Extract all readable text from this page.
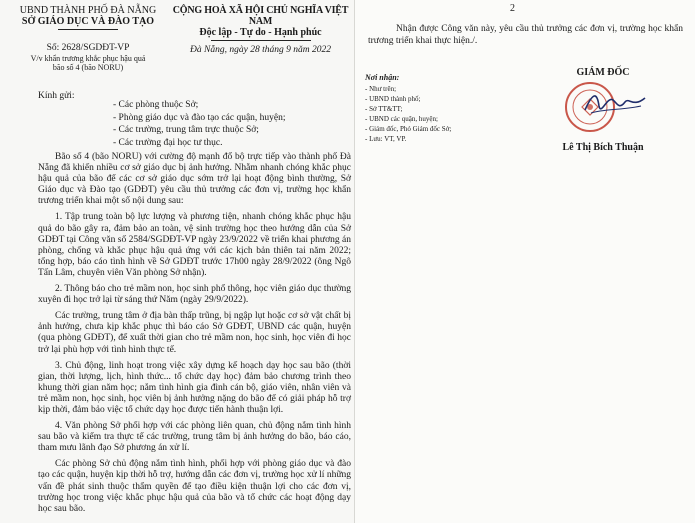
UBND THÀNH PHỐ ĐÀ NẴNG
SỞ GIÁO DỤC VÀ ĐÀO TẠO
CỘNG HOÀ XÃ HỘI CHỦ NGHĨA VIỆT NAM
Độc lập - Tự do - Hạnh phúc
Số: 2628/SGDĐT-VP
V/v khẩn trương khắc phục hậu quả
bão số 4 (bão NORU)
Đà Nẵng, ngày 28 tháng 9 năm 2022
Kính gửi:
- Các phòng thuộc Sở;
- Phòng giáo dục và đào tạo các quận, huyện;
- Các trường, trung tâm trực thuộc Sở;
- Các trường đại học tư thục.

Bão số 4 (bão NORU) với cường độ mạnh đổ bộ trực tiếp vào thành phố Đà Nẵng đã khiến nhiều cơ sở giáo dục bị ảnh hưởng. Nhằm nhanh chóng khắc phục hậu quả của bão để các cơ sở giáo dục sớm trở lại hoạt động bình thường, Sở Giáo dục và Đào tạo (GDĐT) yêu cầu thủ trưởng các đơn vị, trường học khẩn trương triển khai một số nội dung sau:

1. Tập trung toàn bộ lực lượng và phương tiện, nhanh chóng khắc phục hậu quả do bão gây ra, đảm bảo an toàn, vệ sinh trường học theo hướng dẫn của Sở GDĐT tại Công văn số 2584/SGDĐT-VP ngày 23/9/2022 về triển khai phương án phòng, chống và khắc phục hậu quả ứng với các kịch bản thiên tai năm 2022; tổng hợp, báo cáo tình hình về Sở GDĐT trước 17h00 ngày 28/9/2022 (ông Ngô Tấn Lâm, chuyên viên Văn phòng Sở nhận).

2. Thông báo cho trẻ mầm non, học sinh phổ thông, học viên giáo dục thường xuyên đi học trở lại từ sáng thứ Năm (ngày 29/9/2022).

Các trường, trung tâm ở địa bàn thấp trũng, bị ngập lụt hoặc cơ sở vật chất bị ảnh hưởng, chưa kịp khắc phục thì báo cáo Sở GDĐT, UBND các quận, huyện (qua phòng GDĐT), để xuất thời gian cho trẻ mầm non, học sinh, học viên đi học trở lại phù hợp với tình hình thực tế.

3. Chủ động, linh hoạt trong việc xây dựng kế hoạch dạy học sau bão (thời gian, thời lượng, lịch, hình thức... tổ chức dạy học) đảm bảo chương trình theo khung thời gian năm học; nắm tình hình gia đình cán bộ, giáo viên, nhân viên và trẻ mầm non, học sinh, học viên bị ảnh hưởng nặng do bão để có giải pháp hỗ trợ kịp thời, đảm bảo việc tổ chức dạy học được tiến hành thuận lợi.

4. Văn phòng Sở phối hợp với các phòng liên quan, chủ động nắm tình hình sau bão và kiểm tra thực tế các trường, trung tâm bị ảnh hưởng do bão, báo cáo, tham mưu lãnh đạo Sở phương án xử lí.

Các phòng Sở chủ động nắm tình hình, phối hợp với phòng giáo dục và đào tạo các quận, huyện kịp thời hỗ trợ, hướng dẫn các đơn vị, trường học xử lí những vấn đề phát sinh thuộc thẩm quyền để tạo điều kiện thuận lợi cho các đơn vị, trường học trong việc khắc phục hậu quả của bão và tổ chức các hoạt động dạy học sau bão.

2

Nhận được Công văn này, yêu cầu thủ trưởng các đơn vị, trường học khẩn trương triển khai thực hiện./.

Nơi nhận:
- Như trên;
- UBND thành phố;
- Sở TT&TT;
- UBND các quận, huyện;
- Giám đốc, Phó Giám đốc Sở;
- Lưu: VT, VP.
GIÁM ĐỐC
Lê Thị Bích Thuận
